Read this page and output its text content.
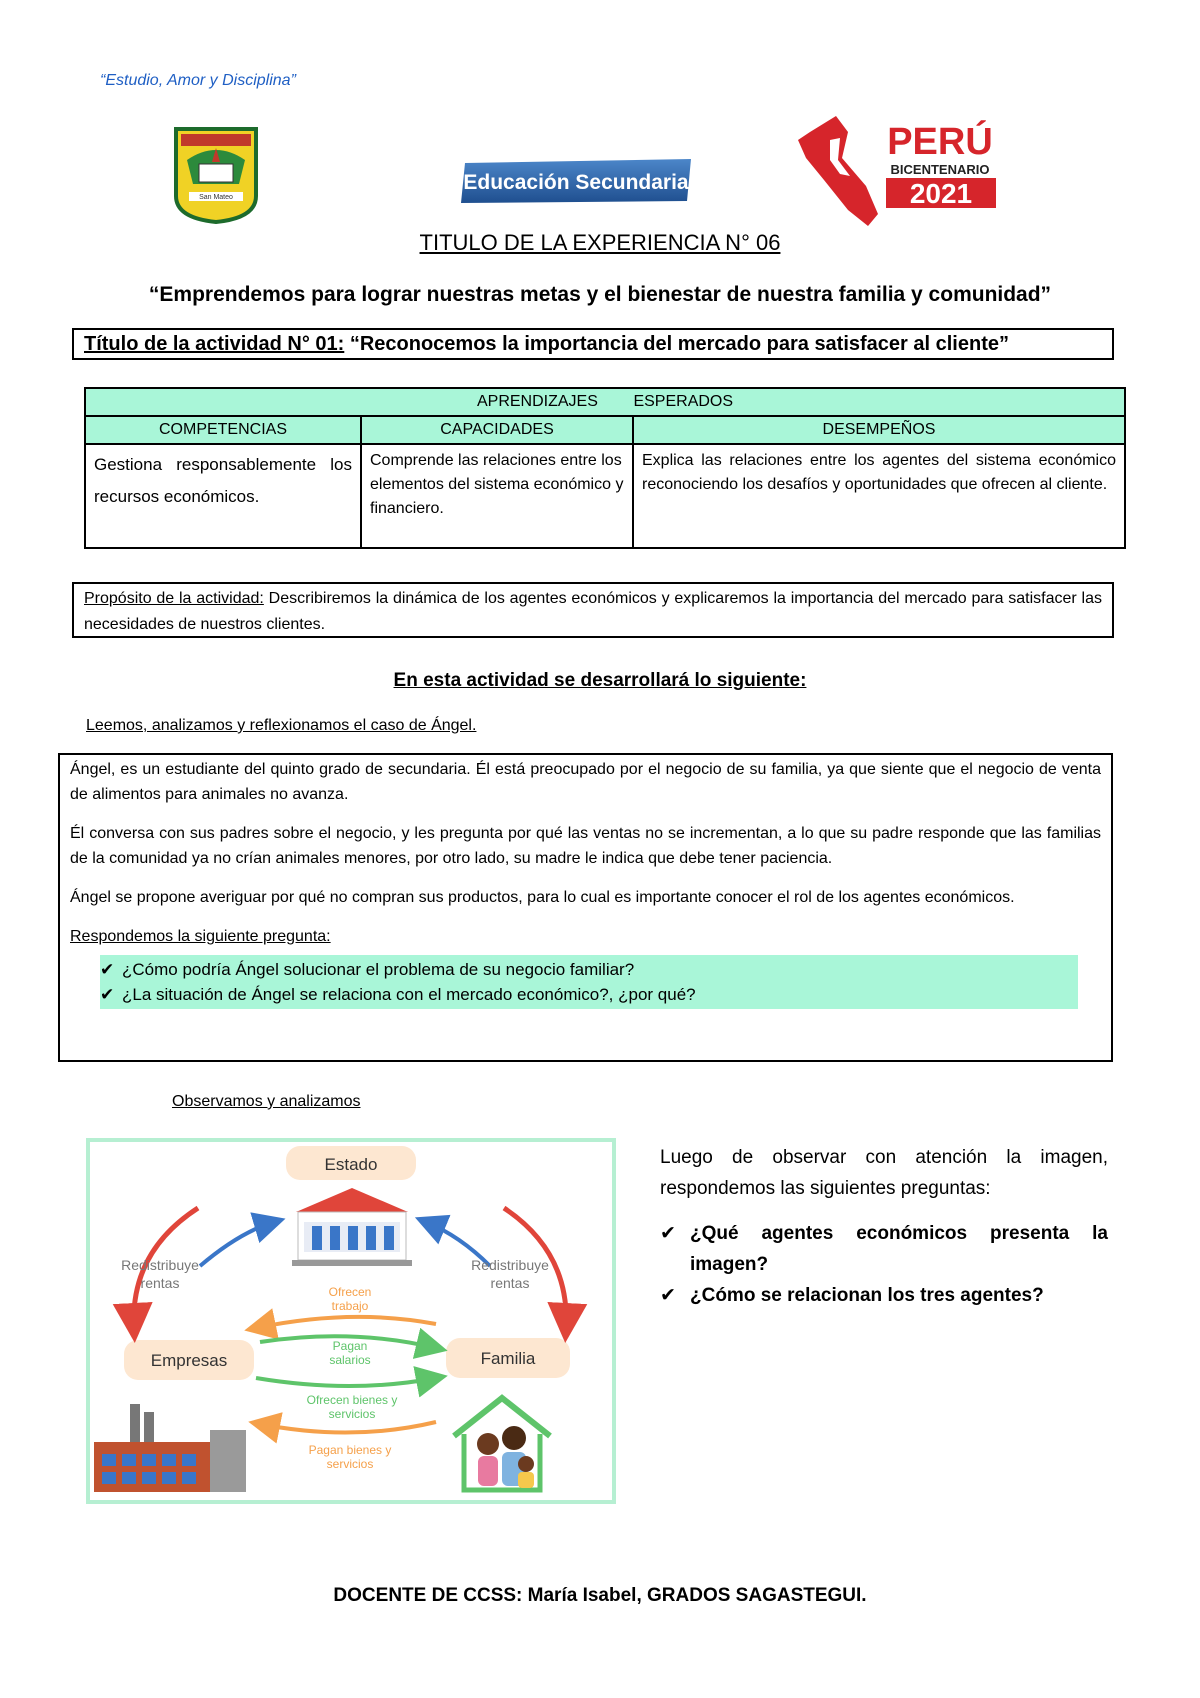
“Estudio, Amor y Disciplina”
San Mateo
Educación Secundaria
PERÚ
BICENTENARIO
2021
TITULO DE LA EXPERIENCIA N° 06
“Emprendemos para lograr nuestras metas y el bienestar de nuestra familia y comunidad”
Título de la actividad N° 01: “Reconocemos la importancia del mercado para satisfacer al cliente”
APRENDIZAJES        ESPERADOS		
COMPETENCIAS	CAPACIDADES	DESEMPEÑOS
Gestiona responsablemente los recursos económicos.	Comprende las relaciones entre los elementos del sistema económico y financiero.	Explica las relaciones entre los agentes del sistema económico reconociendo los desafíos y oportunidades que ofrecen al cliente.
Propósito de la actividad: Describiremos la dinámica de los agentes económicos y explicaremos la importancia del mercado para satisfacer las necesidades de nuestros clientes.
En esta actividad se desarrollará lo siguiente:
Leemos, analizamos y reflexionamos el caso de Ángel.

Ángel, es un estudiante del quinto grado de secundaria. Él está preocupado por el negocio de su familia, ya que siente que el negocio de venta de alimentos para animales no avanza.

Él conversa con sus padres sobre el negocio, y les pregunta por qué las ventas no se incrementan, a lo que su padre responde que las familias de la comunidad ya no crían animales menores, por otro lado, su madre le indica que debe tener paciencia.

Ángel se propone averiguar por qué no compran sus productos, para lo cual es importante conocer el rol de los agentes económicos.

Respondemos la siguiente pregunta:

✔ ¿Cómo podría Ángel solucionar el problema de su negocio familiar?
✔ ¿La situación de Ángel se relaciona con el mercado económico?, ¿por qué?
Observamos y analizamos
Estado
Empresas	Familia
Redistribuye
rentas
Redistribuye
rentas
Ofrecen
trabajo
Pagan
salarios
Ofrecen bienes y
servicios
Pagan bienes y
servicios

Luego de observar con atención la imagen, respondemos las siguientes preguntas:

✔ ¿Qué agentes económicos presenta la imagen?
✔ ¿Cómo se relacionan los tres agentes?
DOCENTE DE CCSS: María Isabel, GRADOS SAGASTEGUI.
